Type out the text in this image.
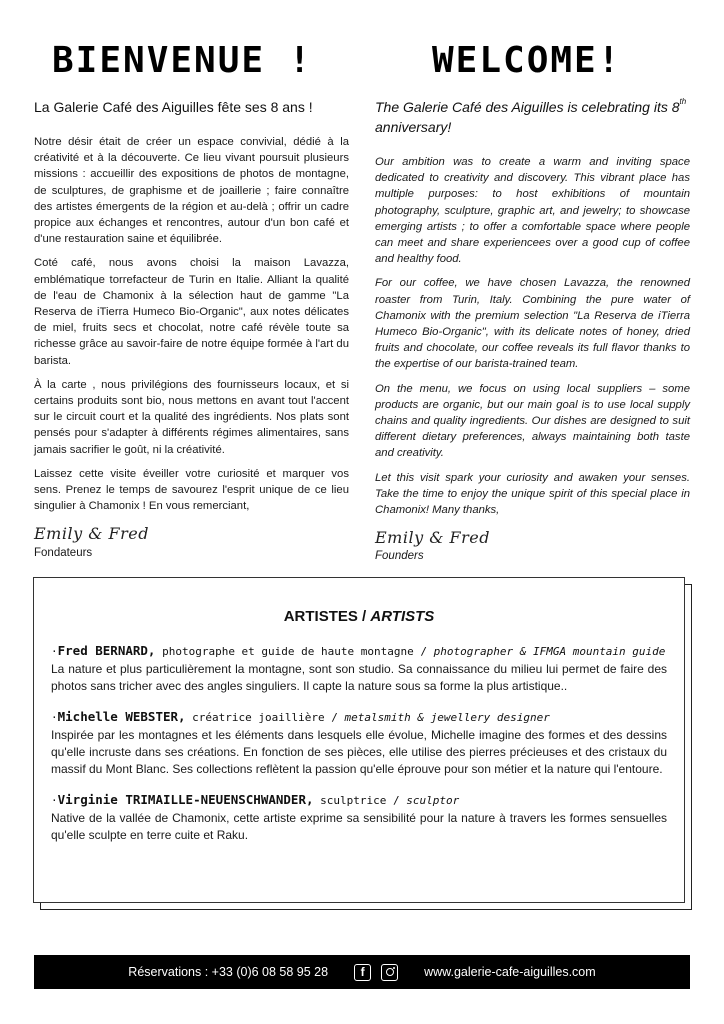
BIENVENUE !	WELCOME!
La Galerie Café des Aiguilles fête ses 8 ans !	The Galerie Café des Aiguilles is celebrating its 8th
anniversary!

Notre désir était de créer un espace convivial, dédié à la créativité et à la découverte. Ce lieu vivant poursuit plusieurs missions : accueillir des expositions de photos de montagne, de sculptures, de graphisme et de joaillerie ; faire connaître des artistes émergents de la région et au-delà ; offrir un cadre propice aux échanges et rencontres, autour d'un bon café et d'une restauration saine et équilibrée.

Coté café, nous avons choisi la maison Lavazza, emblématique torrefacteur de Turin en Italie. Alliant la qualité de l'eau de Chamonix à la sélection haut de gamme "La Reserva de iTierra Humeco Bio-Organic", aux notes délicates de miel, fruits secs et chocolat, notre café révèle toute sa richesse grâce au savoir-faire de notre équipe formée à l'art du barista.

À la carte , nous privilégions des fournisseurs locaux, et si certains produits sont bio, nous mettons en avant tout l'accent sur le circuit court et la qualité des ingrédients. Nos plats sont pensés pour s'adapter à différents régimes alimentaires, sans jamais sacrifier le goût, ni la créativité.

Laissez cette visite éveiller votre curiosité et marquer vos sens. Prenez le temps de savourez l'esprit unique de ce lieu singulier à Chamonix ! En vous remerciant,

Emily & Fred
Fondateurs

Our ambition was to create a warm and inviting space dedicated to creativity and discovery. This vibrant place has multiple purposes: to host exhibitions of mountain photography, sculpture, graphic art, and jewelry; to showcase emerging artists ; to offer a comfortable space where people can meet and share experiencees over a good cup of coffee and healthy food.

For our coffee, we have chosen Lavazza, the renowned roaster from Turin, Italy. Combining the pure water of Chamonix with the premium selection "La Reserva de iTierra Humeco Bio-Organic", with its delicate notes of honey, dried fruits and chocolate, our coffee reveals its full flavor thanks to the expertise of our barista-trained team.

On the menu, we focus on using local suppliers – some products are organic, but our main goal is to use local supply chains and quality ingredients. Our dishes are designed to suit different dietary preferences, always maintaining both taste and creativity.

Let this visit spark your curiosity and awaken your senses. Take the time to enjoy the unique spirit of this special place in Chamonix! Many thanks,

Emily & Fred
Founders
ARTISTES / ARTISTS
·Fred BERNARD, photographe et guide de haute montagne / photographer & IFMGA mountain guide
La nature et plus particulièrement la montagne, sont son studio. Sa connaissance du milieu lui permet de faire des photos sans tricher avec des angles singuliers. Il capte la nature sous sa forme la plus artistique..
·Michelle WEBSTER, créatrice joaillière / metalsmith & jewellery designer
Inspirée par les montagnes et les éléments dans lesquels elle évolue, Michelle imagine des formes et des dessins qu'elle incruste dans ses créations. En fonction de ses pièces, elle utilise des pierres précieuses et des cristaux du massif du Mont Blanc. Ses collections reflètent la passion qu'elle éprouve pour son métier et la nature qui l'entoure.
·Virginie TRIMAILLE-NEUENSCHWANDER, sculptrice / sculptor
Native de la vallée de Chamonix, cette artiste exprime sa sensibilité pour la nature à travers les formes sensuelles qu'elle sculpte en terre cuite et Raku.
Réservations : +33 (0)6 08 58 95 28	f	www.galerie-cafe-aiguilles.com
